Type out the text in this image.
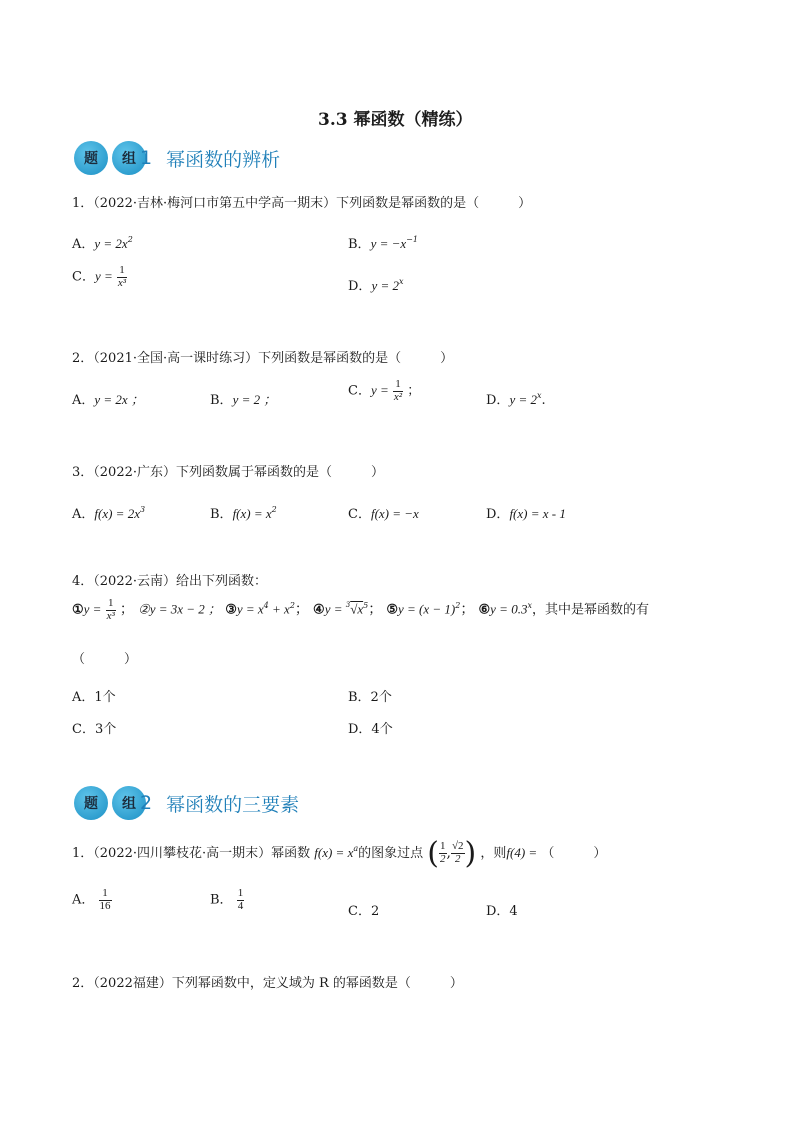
3.3 幂函数（精练）
题	组 1 幂函数的辨析
1．（2022·吉林·梅河口市第五中学高一期末）下列函数是幂函数的是（　　　）
A．$y = 2x^2$	B．$y = -x^{-1}$
C．$y = \frac{1}{\text{x³}}$	D．$y = 2^x$
2．（2021·全国·高一课时练习）下列函数是幂函数的是（　　　）
A．y = 2x ；	B．y = 2 ；
C．$y = \frac{1}{\text{x²}}$ ；
D．$y = 2^x$.
3．（2022·广东）下列函数属于幂函数的是（　　　）
A．$f(x) = 2x^3$	B．$f(x) = x^2$	C．f(x) = −x	D．f(x) = x - 1
4．（2022·云南）给出下列函数：
①y = $\frac{1}{\text{x³}}$ ； ②y = 3x − 2 ； ③y = $x^4 + x^2$； ④y = $^3√x^5$； ⑤y = $(x - 1)^2$； ⑥y = $0.3^x$，其中是幂函数的有
（　　　）
A．1个	B．2个
C．3个	D．4个
题	组 2 幂函数的三要素
1．（2022·四川攀枝花·高一期末）幂函数 $f(x) = x^a$的图象过点 ( $\frac{1}{2}$ , $\frac{√2}{2}$ ) ，则f(4) = （　　　）
A． $\frac{1}{16}$	B． $\frac{1}{4}$	C．2	D．4
2．（2022福建）下列幂函数中，定义域为 R 的幂函数是（　　　）
